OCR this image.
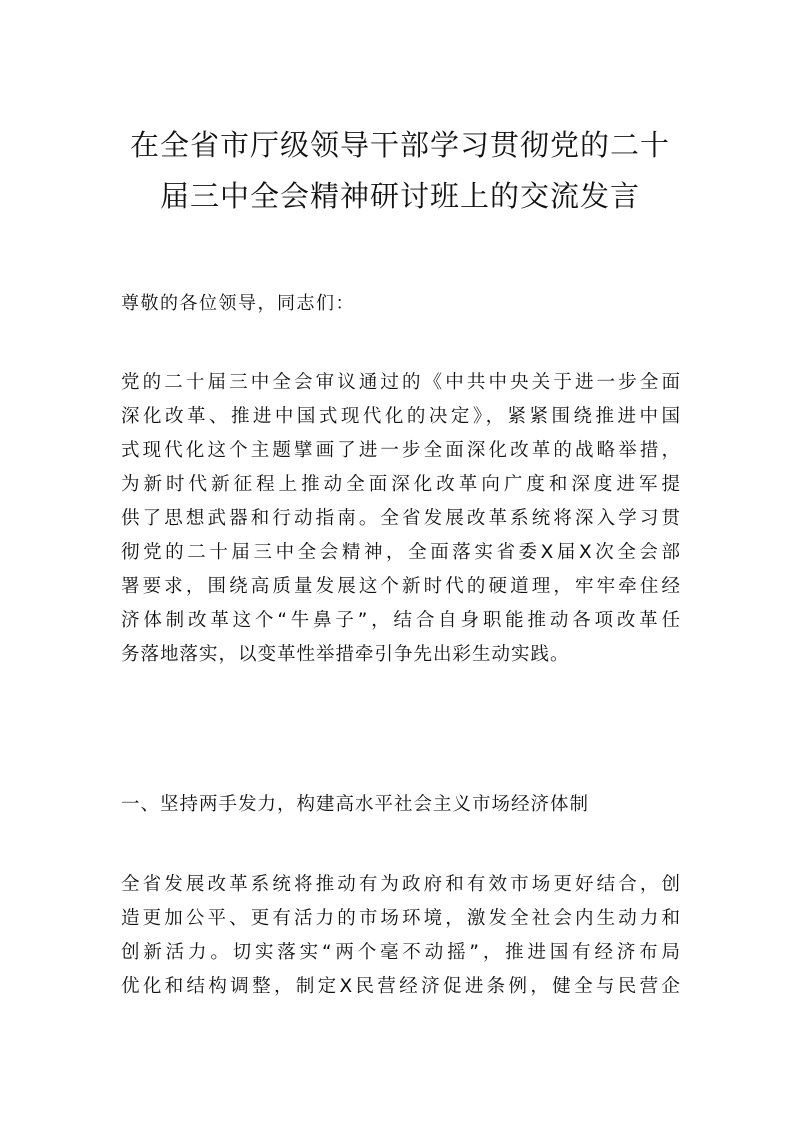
在全省市厅级领导干部学习贯彻党的二十
届三中全会精神研讨班上的交流发言
尊敬的各位领导，同志们：
党的二十届三中全会审议通过的《中共中央关于进一步全面
深化改革、推进中国式现代化的决定》，紧紧围绕推进中国
式现代化这个主题擘画了进一步全面深化改革的战略举措，
为新时代新征程上推动全面深化改革向广度和深度进军提
供了思想武器和行动指南。全省发展改革系统将深入学习贯
彻党的二十届三中全会精神，全面落实省委X届X次全会部
署要求，围绕高质量发展这个新时代的硬道理，牢牢牵住经
济体制改革这个“牛鼻子”，结合自身职能推动各项改革任
务落地落实，以变革性举措牵引争先出彩生动实践。
一、坚持两手发力，构建高水平社会主义市场经济体制
全省发展改革系统将推动有为政府和有效市场更好结合，创
造更加公平、更有活力的市场环境，激发全社会内生动力和
创新活力。切实落实“两个毫不动摇”，推进国有经济布局
优化和结构调整，制定X民营经济促进条例，健全与民营企
